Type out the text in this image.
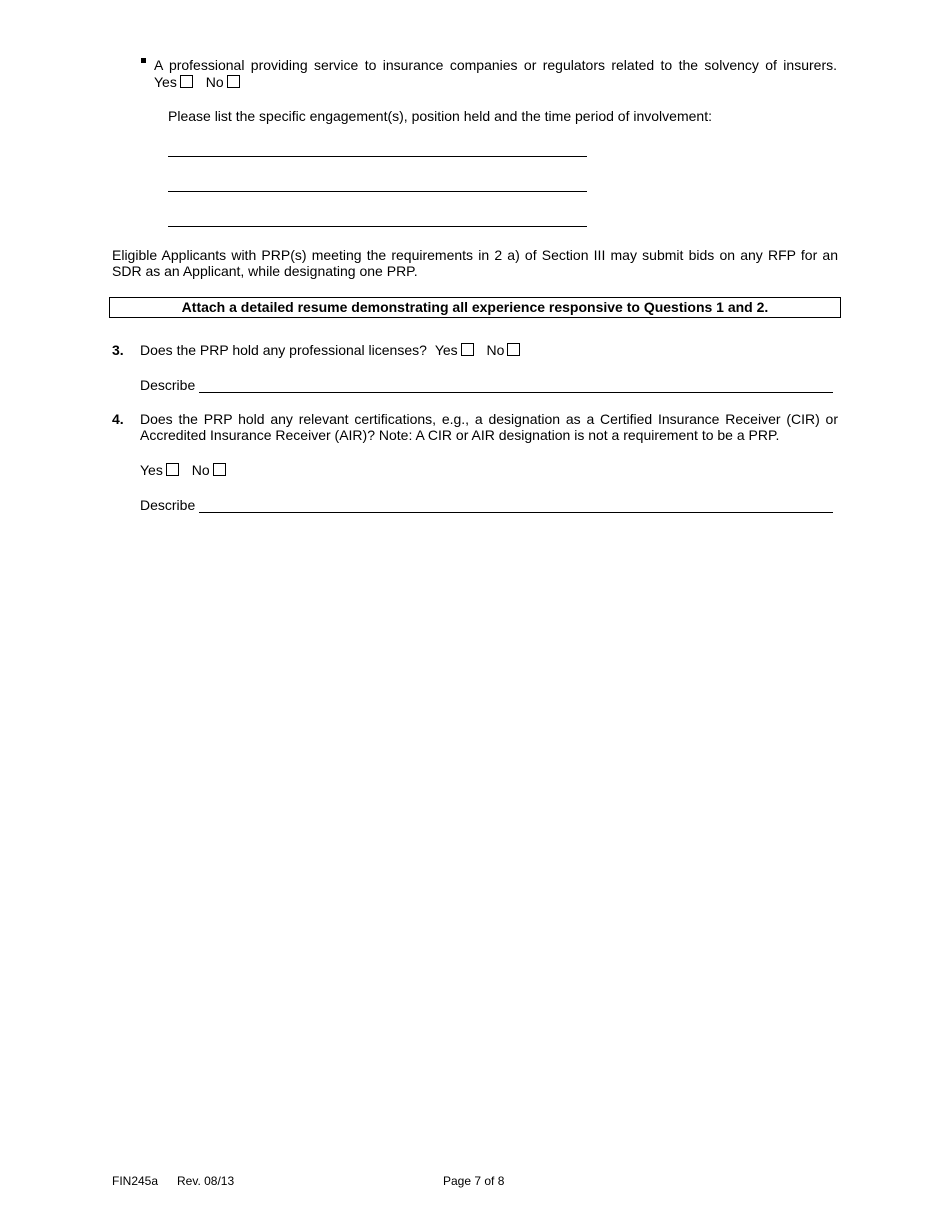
A professional providing service to insurance companies or regulators related to the solvency of insurers.
Yes No
Please list the specific engagement(s), position held and the time period of involvement:
Eligible Applicants with PRP(s) meeting the requirements in 2 a) of Section III may submit bids on any RFP for an
SDR as an Applicant, while designating one PRP.
Attach a detailed resume demonstrating all experience responsive to Questions 1 and 2.
3. Does the PRP hold any professional licenses? Yes No
Describe
4. Does the PRP hold any relevant certifications, e.g., a designation as a Certified Insurance Receiver (CIR) or
Accredited Insurance Receiver (AIR)? Note: A CIR or AIR designation is not a requirement to be a PRP.
Yes No
Describe
FIN245a Rev. 08/13	Page 7 of 8
